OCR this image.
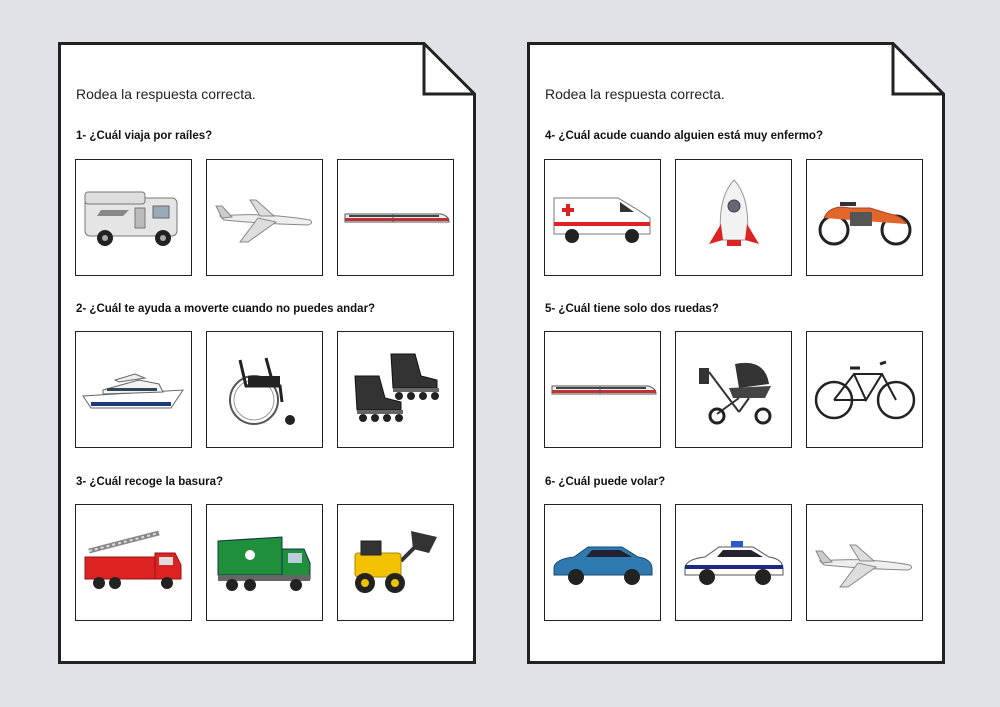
Rodea la respuesta correcta.

1- ¿Cuál viaja por raíles?

2- ¿Cuál te ayuda a moverte cuando no puedes andar?

3- ¿Cuál recoge la basura?

Rodea la respuesta correcta.

4- ¿Cuál acude cuando alguien está muy enfermo?

5- ¿Cuál tiene solo dos ruedas?

6- ¿Cuál puede volar?
